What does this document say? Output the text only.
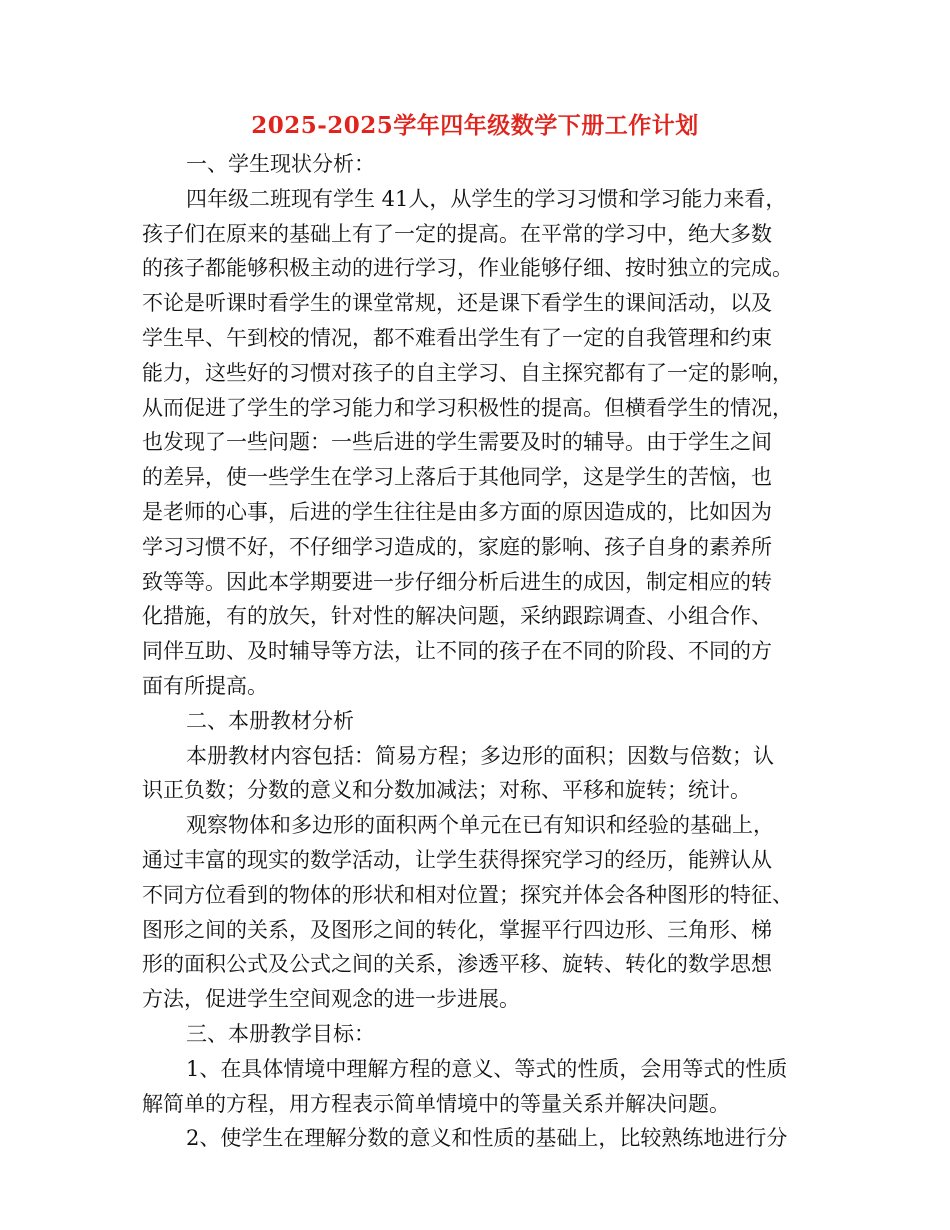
2025-2025学年四年级数学下册工作计划
一、学生现状分析：
四年级二班现有学生 41人，从学生的学习习惯和学习能力来看，
孩子们在原来的基础上有了一定的提高。在平常的学习中，绝大多数
的孩子都能够积极主动的进行学习，作业能够仔细、按时独立的完成。
不论是听课时看学生的课堂常规，还是课下看学生的课间活动，以及
学生早、午到校的情况，都不难看出学生有了一定的自我管理和约束
能力，这些好的习惯对孩子的自主学习、自主探究都有了一定的影响，
从而促进了学生的学习能力和学习积极性的提高。但横看学生的情况，
也发现了一些问题：一些后进的学生需要及时的辅导。由于学生之间
的差异，使一些学生在学习上落后于其他同学，这是学生的苦恼，也
是老师的心事，后进的学生往往是由多方面的原因造成的，比如因为
学习习惯不好，不仔细学习造成的，家庭的影响、孩子自身的素养所
致等等。因此本学期要进一步仔细分析后进生的成因，制定相应的转
化措施，有的放矢，针对性的解决问题，采纳跟踪调查、小组合作、
同伴互助、及时辅导等方法，让不同的孩子在不同的阶段、不同的方
面有所提高。
二、本册教材分析
本册教材内容包括：简易方程；多边形的面积；因数与倍数；认
识正负数；分数的意义和分数加减法；对称、平移和旋转；统计。
观察物体和多边形的面积两个单元在已有知识和经验的基础上，
通过丰富的现实的数学活动，让学生获得探究学习的经历，能辨认从
不同方位看到的物体的形状和相对位置；探究并体会各种图形的特征、
图形之间的关系，及图形之间的转化，掌握平行四边形、三角形、梯
形的面积公式及公式之间的关系，渗透平移、旋转、转化的数学思想
方法，促进学生空间观念的进一步进展。
三、本册教学目标：
1、在具体情境中理解方程的意义、等式的性质，会用等式的性质
解简单的方程，用方程表示简单情境中的等量关系并解决问题。
2、使学生在理解分数的意义和性质的基础上，比较熟练地进行分
